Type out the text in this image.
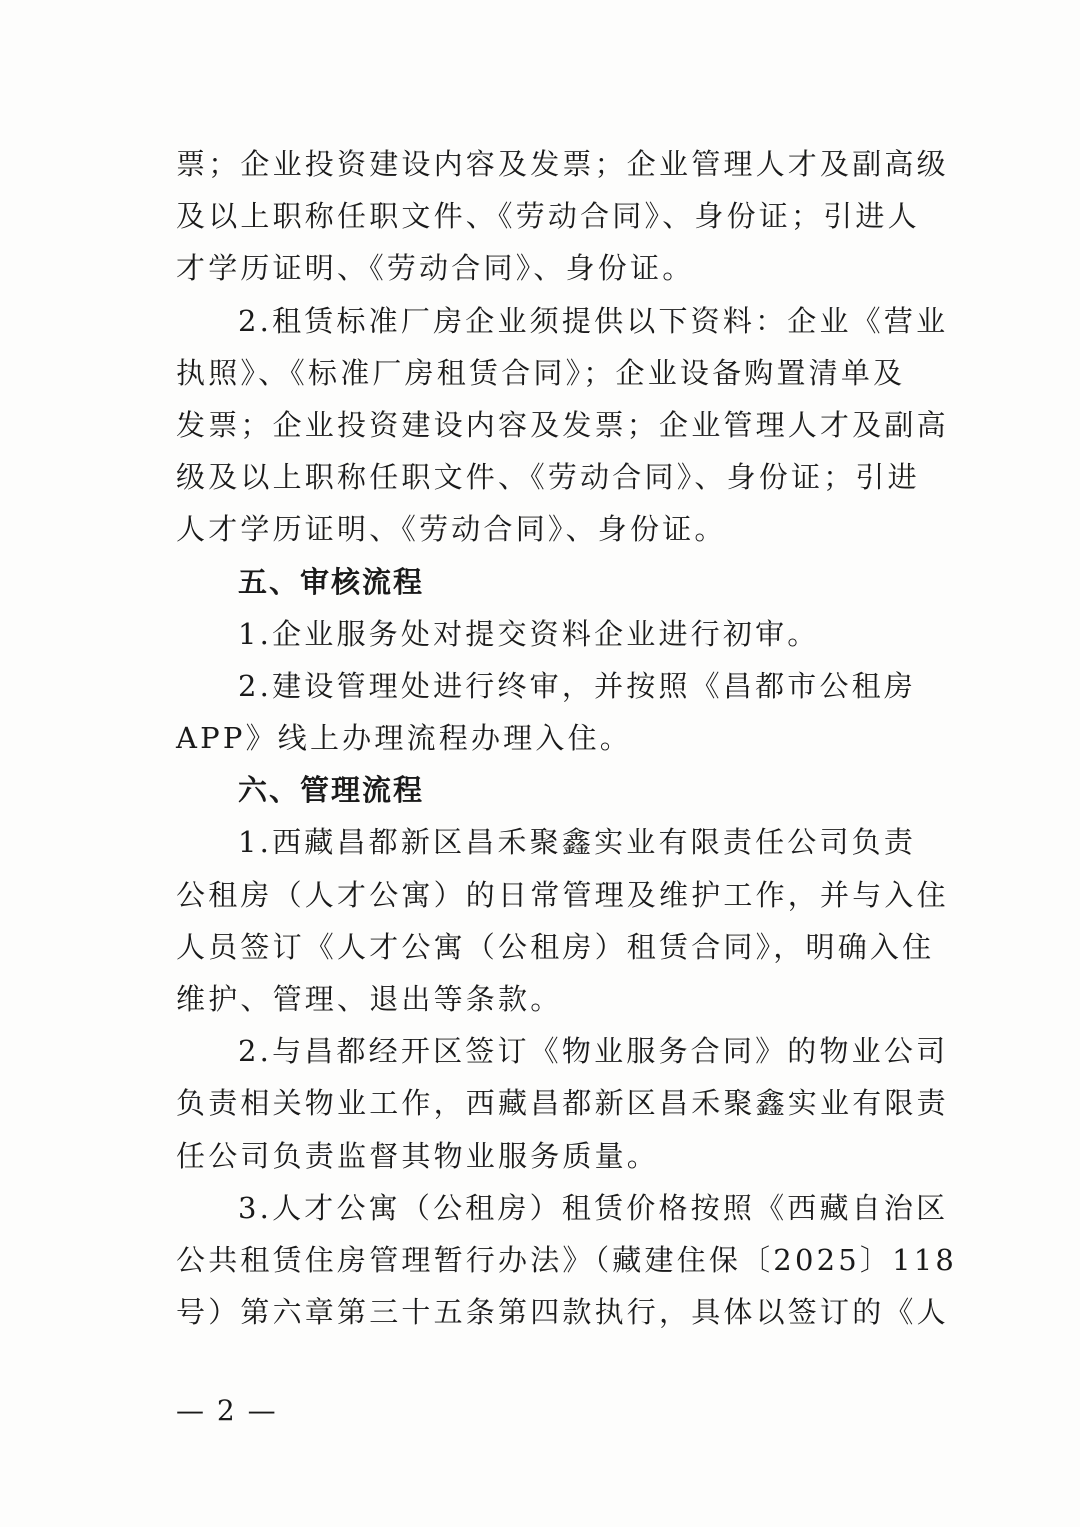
票；企业投资建设内容及发票；企业管理人才及副高级
及以上职称任职文件、《劳动合同》、身份证；引进人
才学历证明、《劳动合同》、身份证。
2.租赁标准厂房企业须提供以下资料：企业《营业
执照》、《标准厂房租赁合同》；企业设备购置清单及
发票；企业投资建设内容及发票；企业管理人才及副高
级及以上职称任职文件、《劳动合同》、身份证；引进
人才学历证明、《劳动合同》、身份证。
五、审核流程
1.企业服务处对提交资料企业进行初审。
2.建设管理处进行终审，并按照《昌都市公租房
APP》线上办理流程办理入住。
六、管理流程
1.西藏昌都新区昌禾聚鑫实业有限责任公司负责
公租房（人才公寓）的日常管理及维护工作，并与入住
人员签订《人才公寓（公租房）租赁合同》，明确入住
维护、管理、退出等条款。
2.与昌都经开区签订《物业服务合同》的物业公司
负责相关物业工作，西藏昌都新区昌禾聚鑫实业有限责
任公司负责监督其物业服务质量。
3.人才公寓（公租房）租赁价格按照《西藏自治区
公共租赁住房管理暂行办法》（藏建住保〔2025〕118
号）第六章第三十五条第四款执行，具体以签订的《人
— 2 —
